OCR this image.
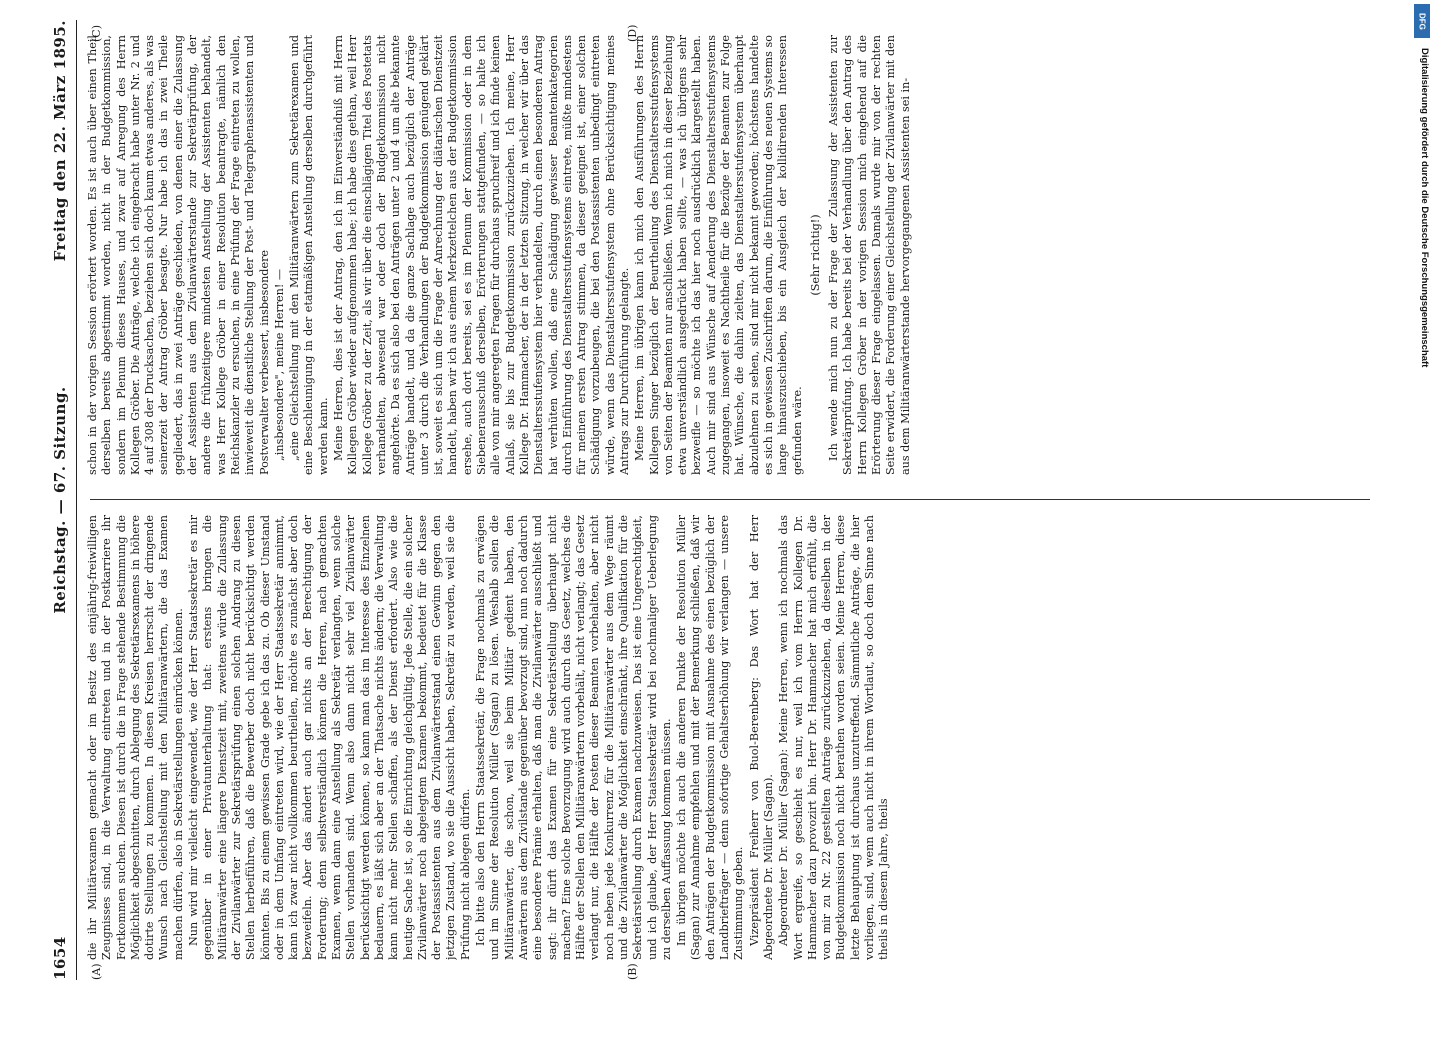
1654
Reichstag. — 67. Sitzung.
Freitag den 22. März 1895.

die ihr Militärexamen gemacht oder im Besitz des einjährig-freiwilligen Zeugnisses sind, in die Verwaltung eintreten und in der Postkarriere ihr Fortkommen suchen. Diesen ist durch die in Frage stehende Bestimmung die Möglichkeit abgeschnitten, durch Ablegung des Sekretärsexamens in höhere dotirte Stellungen zu kommen. In diesen Kreisen herrscht der dringende Wunsch nach Gleichstellung mit den Militäranwärtern, die das Examen machen dürfen, also in Sekretärstellungen einrücken können. Nun wird mir vielleicht eingewendet, wie der Herr Staatssekretär es mir gegenüber in einer Privatunterhaltung that: erstens bringen die Militäranwärter eine längere Dienstzeit mit, zweitens würde die Zulassung der Zivilanwärter zur Sekretärsprüfung einen solchen Andrang zu diesen Stellen herbeiführen, daß die Bewerber doch nicht berücksichtigt werden könnten. Bis zu einem gewissen Grade gebe ich das zu. Ob dieser Umstand oder in dem Umfang eintreten wird, wie der Herr Staatssekretär annimmt, kann ich zwar nicht vollkommen beurtheilen, möchte es zunächst aber doch bezweifeln. Aber das ändert auch gar nichts an der Berechtigung der Forderung; denn selbstverständlich können die Herren, nach gemachten Examen, wenn dann eine Anstellung als Sekretär verlangten, wenn solche Stellen vorhanden sind. Wenn also dann nicht sehr viel Zivilanwärter berücksichtigt werden können, so kann man das im Interesse des Einzelnen bedauern, es läßt sich aber an der Thatsache nichts ändern; die Verwaltung kann nicht mehr Stellen schaffen, als der Dienst erfordert. Also wie die heutige Sache ist, so die Einrichtung gleichgültig. Jede Stelle, die ein solcher Zivilanwärter noch abgelegtem Examen bekommt, bedeutet für die Klasse der Postassistenten aus dem Zivilanwärterstand einen Gewinn gegen den jetzigen Zustand, wo sie die Aussicht haben, Sekretär zu werden, weil sie die Prüfung nicht ablegen dürfen. Ich bitte also den Herrn Staatssekretär, die Frage nochmals zu erwägen und im Sinne der Resolution Müller (Sagan) zu lösen. Weshalb sollen die Militäranwärter, die schon, weil sie beim Militär gedient haben, den Anwärtern aus dem Zivilstande gegenüber bevorzugt sind, nun noch dadurch eine besondere Prämie erhalten, daß man die Zivilanwärter ausschließt und sagt: ihr dürft das Examen für eine Sekretärstellung überhaupt nicht machen? Eine solche Bevorzugung wird auch durch das Gesetz, welches die Hälfte der Stellen den Militäranwärtern vorbehält, nicht verlangt; das Gesetz verlangt nur, die Hälfte der Posten dieser Beamten vorbehalten, aber nicht noch neben jede Konkurrenz für die Militäranwärter aus dem Wege räumt und die Zivilanwärter die Möglichkeit einschränkt, ihre Qualifikation für die Sekretärstellung durch Examen nachzuweisen. Das ist eine Ungerechtigkeit, und ich glaube, der Herr Staatssekretär wird bei nochmaliger Ueberlegung zu derselben Auffassung kommen müssen. Im übrigen möchte ich auch die anderen Punkte der Resolution Müller (Sagan) zur Annahme empfehlen und mit der Bemerkung schließen, daß wir den Anträgen der Budgetkommission mit Ausnahme des einen bezüglich der Landbriefträger — denn sofortige Gehaltserhöhung wir verlangen — unsere Zustimmung geben. Vizepräsident Freiherr von Buol-Berenberg: Das Wort hat der Herr Abgeordnete Dr. Müller (Sagan). Abgeordneter Dr. Müller (Sagan): Meine Herren, wenn ich nochmals das Wort ergreife, so geschieht es nur, weil ich vom Herrn Kollegen Dr. Hammacher dazu provozirt bin. Herr Dr. Hammacher hat mich erfühlt, die von mir zu Nr. 22 gestellten Anträge zurückzuziehen, da dieselben in der Budgetkommission noch nicht berathen worden seien. Meine Herren, diese letzte Behauptung ist durchaus unzutreffend. Sämmtliche Anträge, die hier vorliegen, sind, wenn auch nicht in ihrem Wortlaut, so doch dem Sinne nach theils in diesem Jahre, theils

schon in der vorigen Session erörtert worden. Es ist auch über einen Theil derselben bereits abgestimmt worden, nicht in der Budgetkommission, sondern im Plenum dieses Hauses, und zwar auf Anregung des Herrn Kollegen Gröber. Die Anträge, welche ich eingebracht habe unter Nr. 2 und 4 auf 308 der Drucksachen, beziehen sich doch kaum etwas anderes, als was seinerzeit der Antrag Gröber besagte. Nur habe ich das in zwei Theile gegliedert, das in zwei Anträge geschieden, von denen einer die Zulassung der Assistenten aus dem Zivilanwärterstande zur Sekretärprüfung, der andere die frühzeitigere mindesten Anstellung der Assistenten behandelt, was Herr Kollege Gröber in einer Resolution beantragte, nämlich den Reichskanzler zu ersuchen, in eine Prüfung der Frage eintreten zu wollen, inwieweit die dienstliche Stellung der Post- und Telegraphenassistenten und Postverwalter verbessert, insbesondere „insbesondere", meine Herren! — „eine Gleichstellung mit den Militäranwärtern zum Sekretärexamen und eine Beschleunigung in der etatmäßigen Anstellung derselben durchgeführt werden kann. Meine Herren, dies ist der Antrag, den ich im Einverständniß mit Herrn Kollegen Gröber wieder aufgenommen habe; ich habe dies gethan, weil Herr Kollege Gröber zu der Zeit, als wir über die einschlägigen Titel des Postetats verhandelten, abwesend war oder doch der Budgetkommission nicht angehörte. Da es sich also bei den Anträgen unter 2 und 4 um alte bekannte Anträge handelt, und da die ganze Sachlage auch bezüglich der Anträge unter 3 durch die Verhandlungen der Budgetkommission genügend geklärt ist, soweit es sich um die Frage der Anrechnung der diätarischen Dienstzeit handelt, haben wir ich aus einem Merkzettelchen aus der Budgetkommission ersehe, auch dort bereits, sei es im Plenum der Kommission oder in dem Siebenerausschuß derselben, Erörterungen stattgefunden, — so halte ich alle von mir angeregten Fragen für durchaus spruchreif und ich finde keinen Anlaß, sie bis zur Budgetkommission zurückzuziehen. Ich meine, Herr Kollege Dr. Hammacher, der in der letzten Sitzung, in welcher wir über das Dienstaltersstufensystem hier verhandelten, durch einen besonderen Antrag hat verhüten wollen, daß eine Schädigung gewisser Beamtenkategorien durch Einführung des Dienstaltersstufensystems eintrete, müßte mindestens für meinen ersten Antrag stimmen, da dieser geeignet ist, einer solchen Schädigung vorzubeugen, die bei den Postassistenten unbedingt eintreten würde, wenn das Dienstaltersstufensystem ohne Berücksichtigung meines Antrags zur Durchführung gelangte. Meine Herren, im übrigen kann ich mich den Ausführungen des Herrn Kollegen Singer bezüglich der Beurtheilung des Dienstaltersstufensystems von Seiten der Beamten nur anschließen. Wenn ich mich in dieser Beziehung etwa unverständlich ausgedrückt haben sollte, — was ich übrigens sehr bezweifle — so möchte ich das hier noch ausdrücklich klargestellt haben. Auch mir sind aus Wünsche auf Aenderung des Dienstaltersstufensystems zugegangen, insoweit es Nachtheile für die Bezüge der Beamten zur Folge hat. Wünsche, die dahin zielten, das Dienstaltersstufensystem überhaupt abzulehnen zu sehen, sind mir nicht bekannt geworden; höchstens handelte es sich in gewissen Zuschriften darum, die Einführung des neuen Systems so lange hinauszuschieben, bis ein Ausgleich der kollidirenden Interessen gefunden wäre.

(Sehr richtig!) Ich wende mich nun zu der Frage der Zulassung der Assistenten zur Sekretärprüfung. Ich habe bereits bei der Verhandlung über den Antrag des Herrn Kollegen Gröber in der vorigen Session mich eingehend auf die Erörterung dieser Frage eingelassen. Damals wurde mir von der rechten Seite erwidert, die Forderung einer Gleichstellung der Zivilanwärter mit den aus dem Militäranwärterstande hervorgegangenen Assistenten sei in-

(A)	(B)
(C)	(D)
DFG
Digitalisierung gefördert durch die Deutsche Forschungsgemeinschaft
